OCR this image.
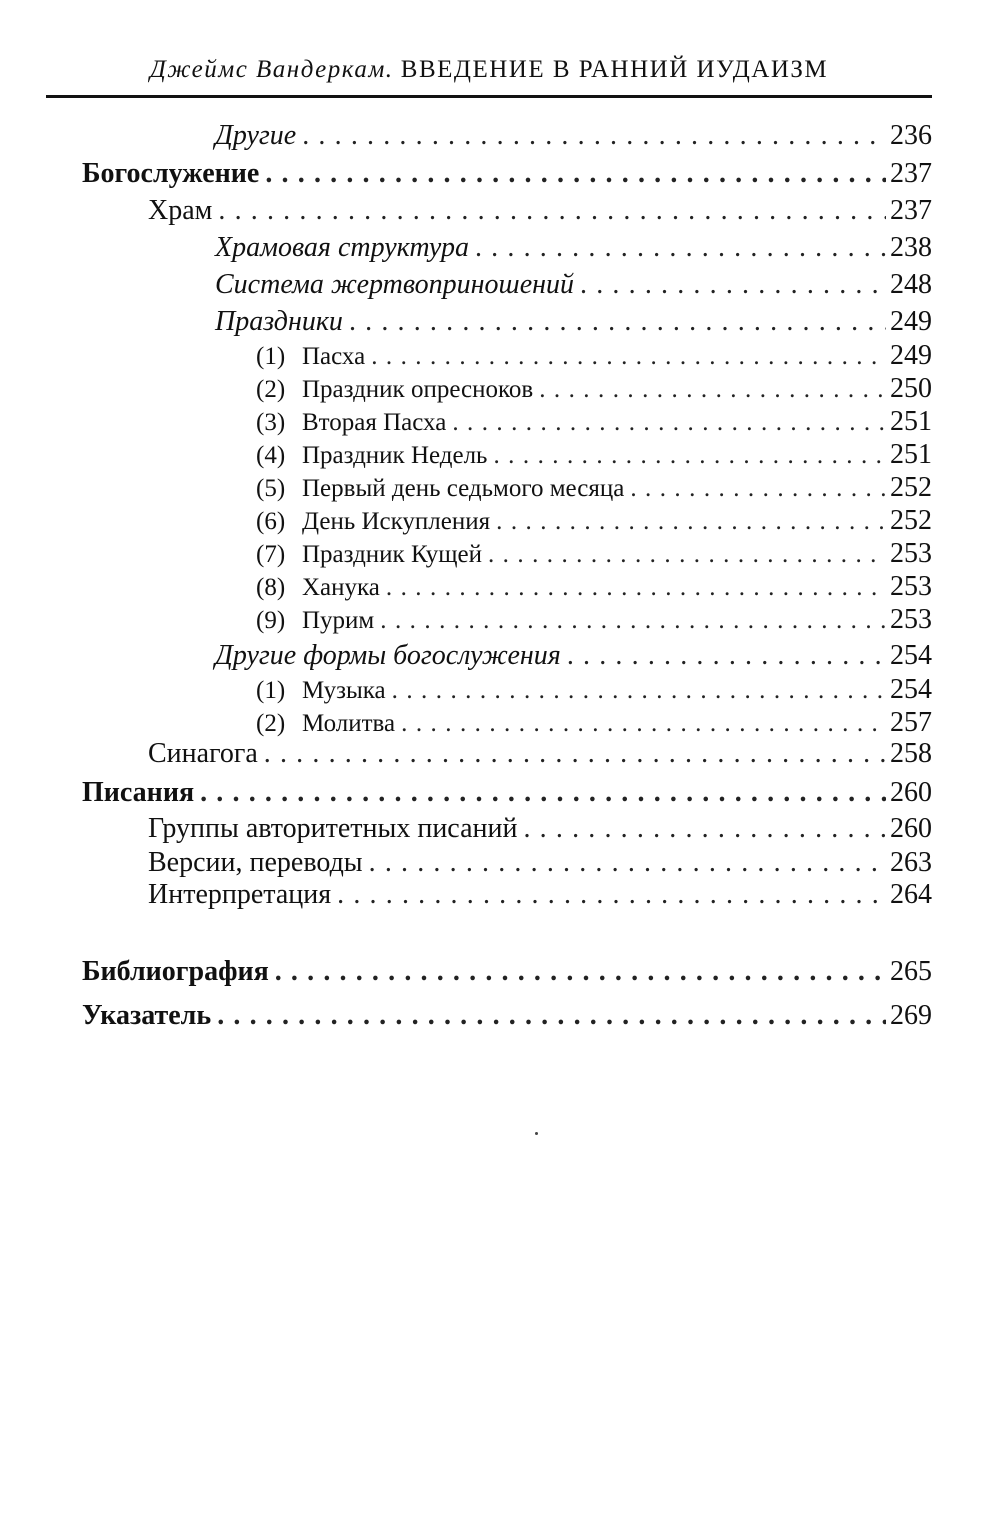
Джеймс Вандеркам. ВВЕДЕНИЕ В РАННИЙ ИУДАИЗМ
Другие . . .	236
Богослужение . . .	237
Храм . . .	237
Храмовая структура . . .	238
Система жертвоприношений . . .	248
Праздники . . .	249
(1) Пасха . . .	249
(2) Праздник опресноков . . .	250
(3) Вторая Пасха . . .	251
(4) Праздник Недель . . .	251
(5) Первый день седьмого месяца . . .	252
(6) День Искупления . . .	252
(7) Праздник Кущей . . .	253
(8) Ханука . . .	253
(9) Пурим . . .	253
Другие формы богослужения . . .	254
(1) Музыка . . .	254
(2) Молитва . . .	257
Синагога . . .	258
Писания . . .	260
Группы авторитетных писаний . . .	260
Версии, переводы . . .	263
Интерпретация . . .	264
Библиография . . .	265
Указатель . . .	269
